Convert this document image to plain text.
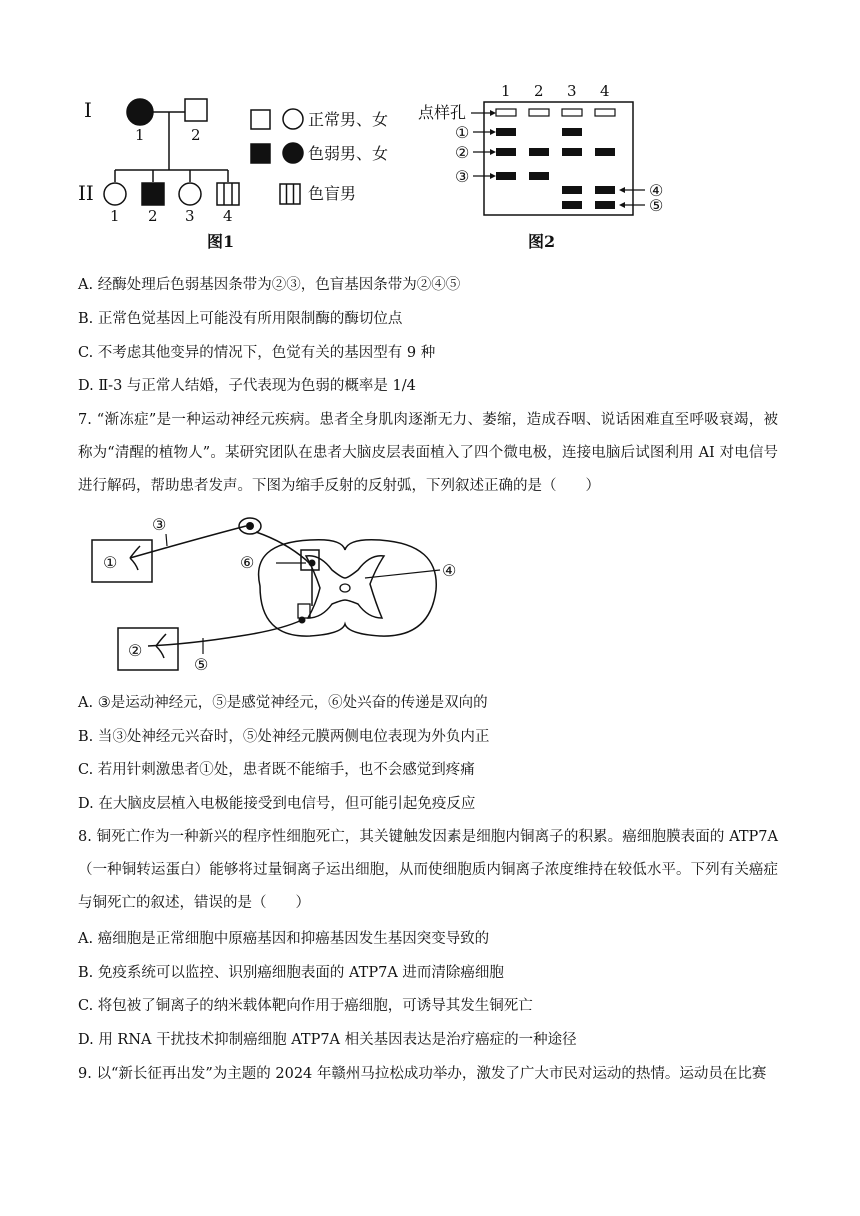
I
1	2
II
1 2 3 4
正常男、女
色弱男、女
色盲男
图1
1 2 3 4
点样孔
①
②
③
④
⑤
图2
A. 经酶处理后色弱基因条带为②③，色盲基因条带为②④⑤
B. 正常色觉基因上可能没有所用限制酶的酶切位点
C. 不考虑其他变异的情况下，色觉有关的基因型有 9 种
D. Ⅱ-3 与正常人结婚，子代表现为色弱的概率是 1/4
7. “渐冻症”是一种运动神经元疾病。患者全身肌肉逐渐无力、萎缩，造成吞咽、说话困难直至呼吸衰竭，被称为“清醒的植物人”。某研究团队在患者大脑皮层表面植入了四个微电极，连接电脑后试图利用 AI 对电信号进行解码，帮助患者发声。下图为缩手反射的反射弧，下列叙述正确的是（　　）
①
③
⑥	④
②
⑤
A. ③是运动神经元，⑤是感觉神经元，⑥处兴奋的传递是双向的
B. 当③处神经元兴奋时，⑤处神经元膜两侧电位表现为外负内正
C. 若用针刺激患者①处，患者既不能缩手，也不会感觉到疼痛
D. 在大脑皮层植入电极能接受到电信号，但可能引起免疫反应
8. 铜死亡作为一种新兴的程序性细胞死亡，其关键触发因素是细胞内铜离子的积累。癌细胞膜表面的 ATP7A（一种铜转运蛋白）能够将过量铜离子运出细胞，从而使细胞质内铜离子浓度维持在较低水平。下列有关癌症与铜死亡的叙述，错误的是（　　）
A. 癌细胞是正常细胞中原癌基因和抑癌基因发生基因突变导致的
B. 免疫系统可以监控、识别癌细胞表面的 ATP7A 进而清除癌细胞
C. 将包被了铜离子的纳米载体靶向作用于癌细胞，可诱导其发生铜死亡
D. 用 RNA 干扰技术抑制癌细胞 ATP7A 相关基因表达是治疗癌症的一种途径
9. 以“新长征再出发”为主题的 2024 年赣州马拉松成功举办，激发了广大市民对运动的热情。运动员在比赛
